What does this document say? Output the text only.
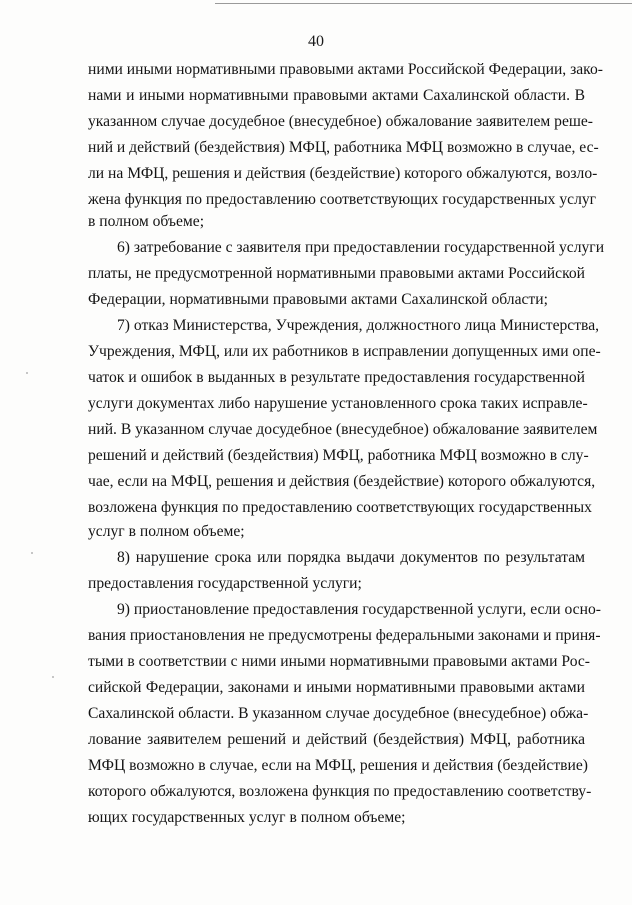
40
ними иными нормативными правовыми актами Российской Федерации, зако-
нами и иными нормативными правовыми актами Сахалинской области. В
указанном случае досудебное (внесудебное) обжалование заявителем реше-
ний и действий (бездействия) МФЦ, работника МФЦ возможно в случае, ес-
ли на МФЦ, решения и действия (бездействие) которого обжалуются, возло-
жена функция по предоставлению соответствующих государственных услуг
в полном объеме;
6) затребование с заявителя при предоставлении государственной услуги
платы, не предусмотренной нормативными правовыми актами Российской
Федерации, нормативными правовыми актами Сахалинской области;
7) отказ Министерства, Учреждения, должностного лица Министерства,
Учреждения, МФЦ, или их работников в исправлении допущенных ими опе-
чаток и ошибок в выданных в результате предоставления государственной
услуги документах либо нарушение установленного срока таких исправле-
ний. В указанном случае досудебное (внесудебное) обжалование заявителем
решений и действий (бездействия) МФЦ, работника МФЦ возможно в слу-
чае, если на МФЦ, решения и действия (бездействие) которого обжалуются,
возложена функция по предоставлению соответствующих государственных
услуг в полном объеме;
8) нарушение срока или порядка выдачи документов по результатам
предоставления государственной услуги;
9) приостановление предоставления государственной услуги, если осно-
вания приостановления не предусмотрены федеральными законами и приня-
тыми в соответствии с ними иными нормативными правовыми актами Рос-
сийской Федерации, законами и иными нормативными правовыми актами
Сахалинской области. В указанном случае досудебное (внесудебное) обжа-
лование заявителем решений и действий (бездействия) МФЦ, работника
МФЦ возможно в случае, если на МФЦ, решения и действия (бездействие)
которого обжалуются, возложена функция по предоставлению соответству-
ющих государственных услуг в полном объеме;
